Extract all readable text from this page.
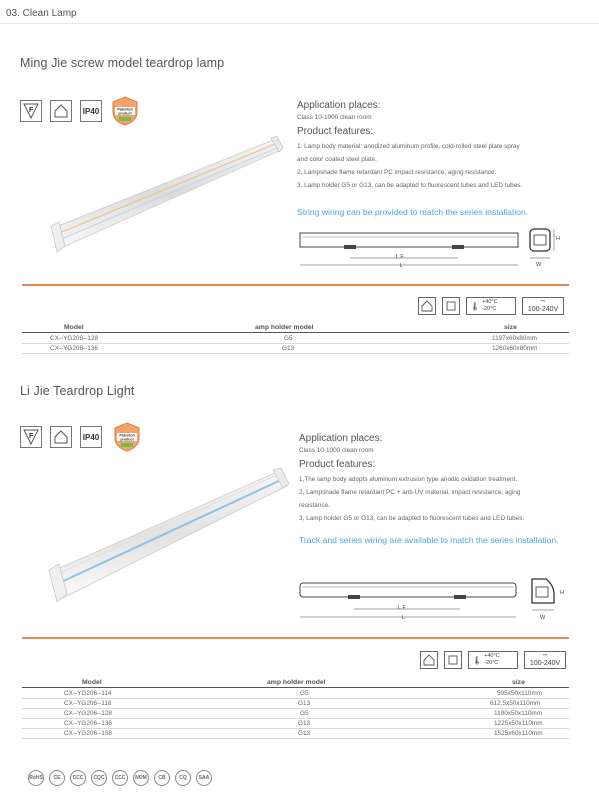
03. Clean Lamp
Ming Jie screw model teardrop lamp
F	IP40	Patented
product
Application places:
Class 10-1000 clean room
Product features:
1. Lamp body material: anodized aluminum profile, cold-rolled steel plate spray
and color coated steel plate.
2, Lampshade flame retardant PC impact resistance, aging resistance.
3, Lamp holder G5 or G13, can be adapted to fluorescent tubes and LED tubes.
String wiring can be provided to match the series installation.
L F
L
H
W
🌡 +40°C
-20°C
∼
100-240V
Model	amp holder model	size
CX--YG208--128	G5	1197x60x80mm
CX--YG208--136	G13	1260x60x80mm
Li Jie Teardrop Light
F	IP40	Patented
product	Application places:
Class 10-1000 clean room
Product features:
1,The lamp body adopts aluminum extrusion type anodic oxidation treatment.
2, Lampshade flame retardant PC + anti-UV material, impact resistance, aging
resistance.
3, Lamp holder G5 or G13, can be adapted to fluorescent tubes and LED tubes.
Track and series wiring are available to match the series installation.
L F
L
H
W
🌡 +40°C
-20°C
∼
100-240V
Model	amp holder model	size
CX--YG206--114	G5	595x50x110mm
CX--YG206--118	G13	612.5x50x110mm
CX--YG206--128	G5	1190x50x110mm
CX--YG206--136	G13	1225x50x110mm
CX--YG206--158	G13	1525x60x110mm
RoHS	CE	CCC	CQC	CCC	NOM	CB	CQ	SAA
